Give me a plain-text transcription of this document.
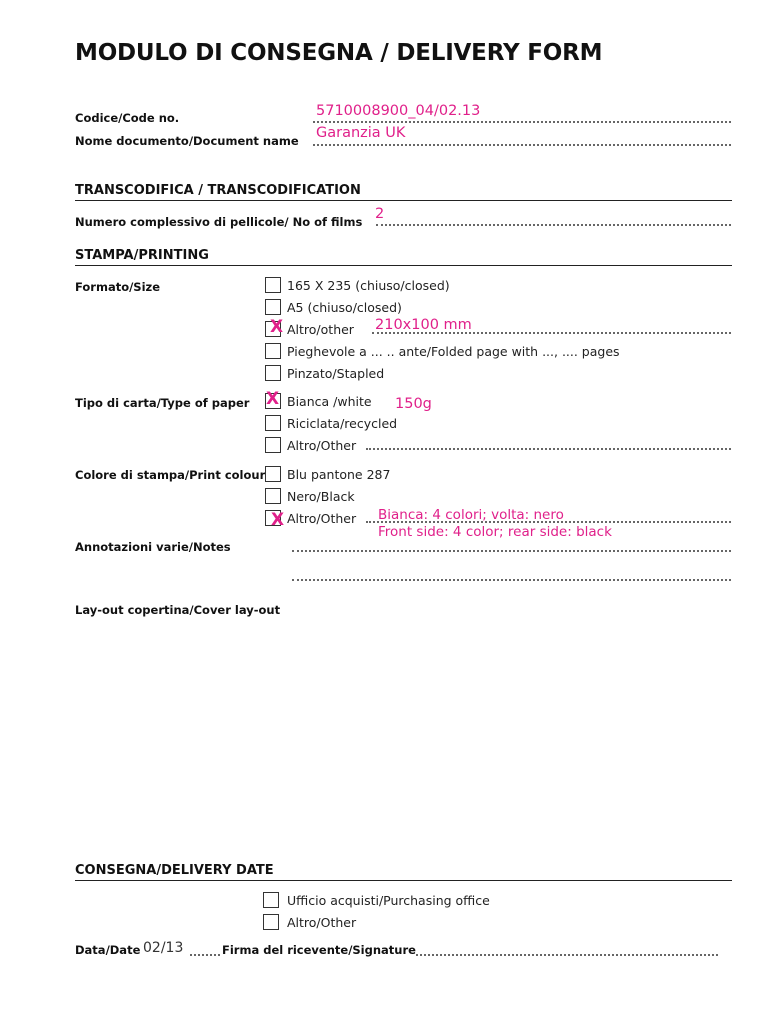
MODULO DI CONSEGNA / DELIVERY FORM
Codice/Code no.	5710008900_04/02.13
Nome documento/Document name Garanzia UK
TRANSCODIFICA / TRANSCODIFICATION
Numero complessivo di pellicole/ No of films 2
STAMPA/PRINTING
Formato/Size	165 X 235 (chiuso/closed)
A5 (chiuso/closed)
X Altro/other 210x100 mm
Pieghevole a ... .. ante/Folded page with ..., .... pages
Pinzato/Stapled
Tipo di carta/Type of paper X Bianca /white 150g
Riciclata/recycled
Altro/Other
Colore di stampa/Print colour Blu pantone 287
Nero/Black
X Altro/Other Bianca: 4 colori; volta: nero
Front side: 4 color; rear side: black
Annotazioni varie/Notes
Lay-out copertina/Cover lay-out
CONSEGNA/DELIVERY DATE
Ufficio acquisti/Purchasing office
Altro/Other
Data/Date 02/13	Firma del ricevente/Signature
